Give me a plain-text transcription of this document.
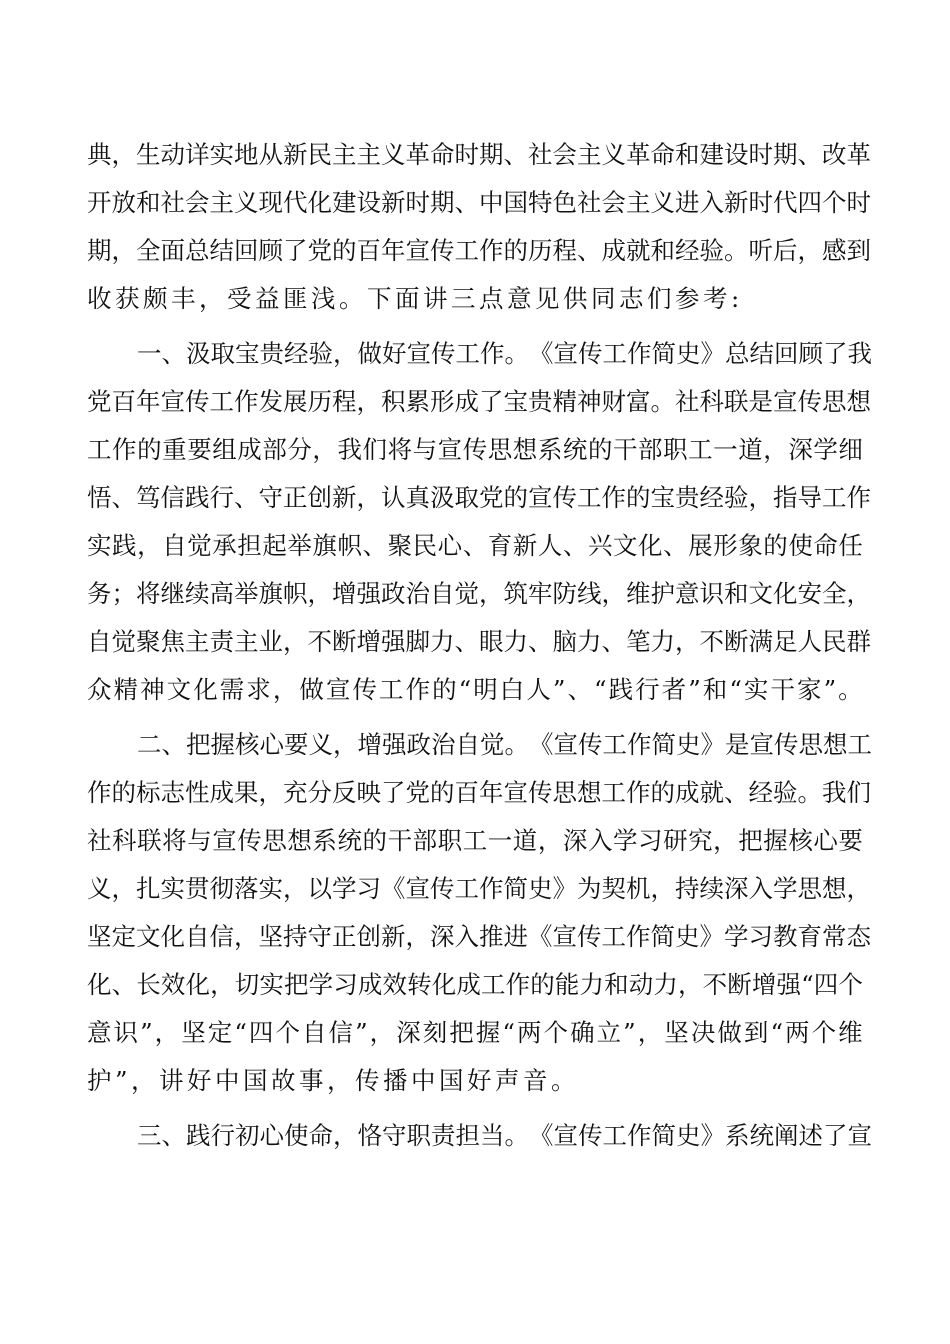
典 ， 生 动 详 实 地 从 新 民 主 主 义 革 命 时 期 、 社 会 主 义 革 命 和 建 设 时 期 、 改 革
开 放 和 社 会 主 义 现 代 化 建 设 新 时 期 、 中 国 特 色 社 会 主 义 进 入 新 时 代 四 个 时
期 ， 全 面 总 结 回 顾 了 党 的 百 年 宣 传 工 作 的 历 程 、 成 就 和 经 验 。 听 后 ， 感 到
收获颇丰，受益匪浅。下面讲三点意见供同志们参考:
一 、 汲 取 宝 贵 经 验 ， 做 好 宣 传 工 作 。 《 宣 传 工 作 简 史 》 总 结 回 顾 了 我
党 百 年 宣 传 工 作 发 展 历 程 ， 积 累 形 成 了 宝 贵 精 神 财 富 。 社 科 联 是 宣 传 思 想
工 作 的 重 要 组 成 部 分 ， 我 们 将 与 宣 传 思 想 系 统 的 干 部 职 工 一 道 ， 深 学 细
悟 、 笃 信 践 行 、 守 正 创 新 ， 认 真 汲 取 党 的 宣 传 工 作 的 宝 贵 经 验 ， 指 导 工 作
实 践 ， 自 觉 承 担 起 举 旗 帜 、 聚 民 心 、 育 新 人 、 兴 文 化 、 展 形 象 的 使 命 任
务 ； 将 继 续 高 举 旗 帜 ， 增 强 政 治 自 觉 ， 筑 牢 防 线 ， 维 护 意 识 和 文 化 安 全 ，
自 觉 聚 焦 主 责 主 业 ， 不 断 增 强 脚 力 、 眼 力 、 脑 力 、 笔 力 ， 不 断 满 足 人 民 群
众 精 神 文 化 需 求 ， 做 宣 传 工 作 的 “ 明 白 人 ” 、 “ 践 行 者 ” 和 “ 实 干 家 ” 。
二 、 把 握 核 心 要 义 ， 增 强 政 治 自 觉 。 《 宣 传 工 作 简 史 》 是 宣 传 思 想 工
作 的 标 志 性 成 果 ， 充 分 反 映 了 党 的 百 年 宣 传 思 想 工 作 的 成 就 、 经 验 。 我 们
社 科 联 将 与 宣 传 思 想 系 统 的 干 部 职 工 一 道 ， 深 入 学 习 研 究 ， 把 握 核 心 要
义 ， 扎 实 贯 彻 落 实 ， 以 学 习 《 宣 传 工 作 简 史 》 为 契 机 ， 持 续 深 入 学 思 想 ，
坚 定 文 化 自 信 ， 坚 持 守 正 创 新 ， 深 入 推 进 《 宣 传 工 作 简 史 》 学 习 教 育 常 态
化 、 长 效 化 ， 切 实 把 学 习 成 效 转 化 成 工 作 的 能 力 和 动 力 ， 不 断 增 强 “ 四 个
意 识 ” ， 坚 定 “ 四 个 自 信 ” ， 深 刻 把 握 “ 两 个 确 立 ” ， 坚 决 做 到 “ 两 个 维
护”，讲好中国故事，传播中国好声音。
三 、 践 行 初 心 使 命 ， 恪 守 职 责 担 当 。 《 宣 传 工 作 简 史 》 系 统 阐 述 了 宣
